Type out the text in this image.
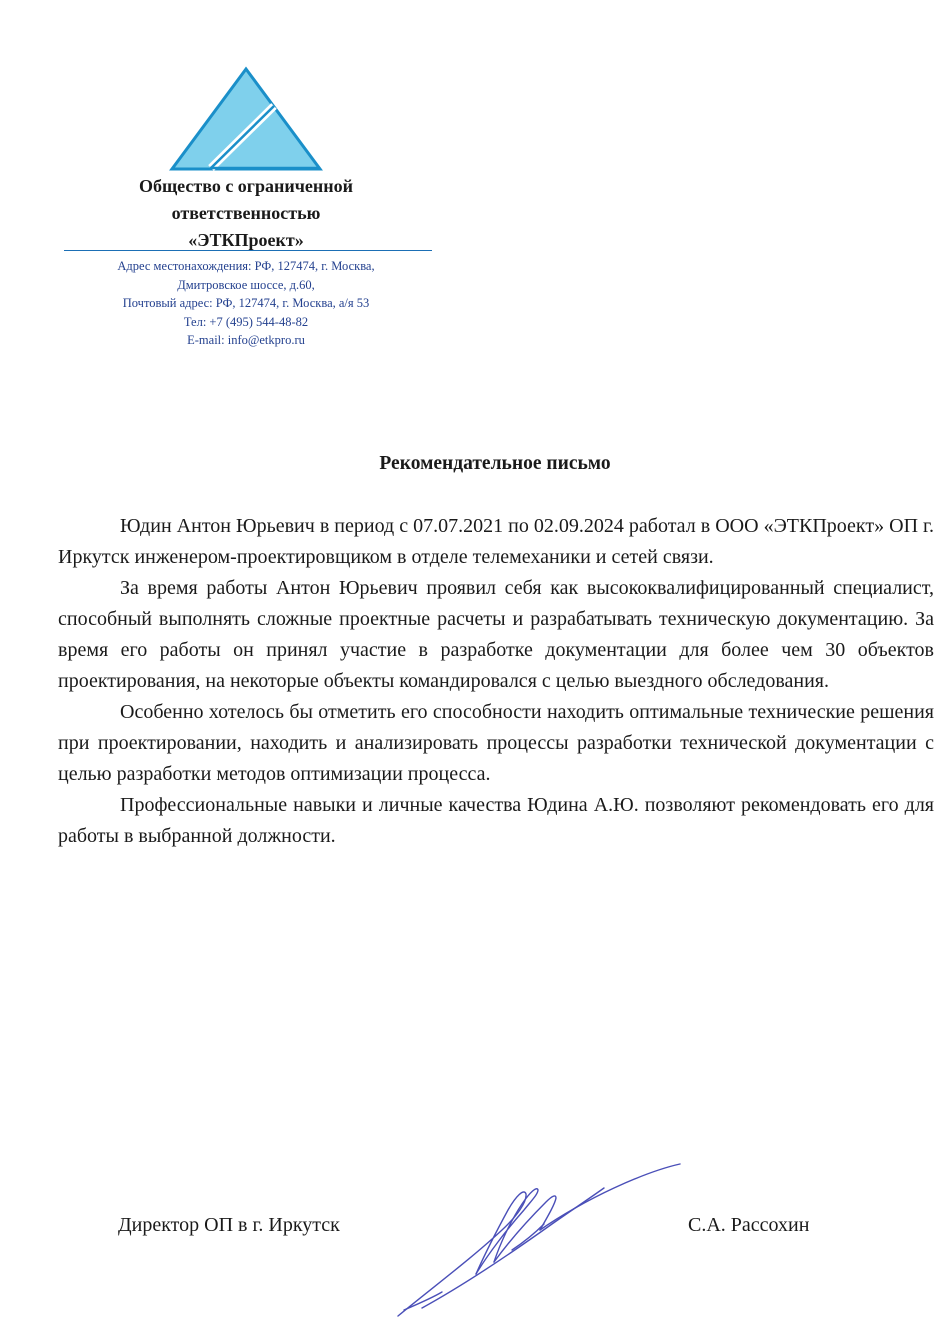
Общество с ограниченной
ответственностью
«ЭТКПроект»
Адрес местонахождения: РФ, 127474, г. Москва,
Дмитровское шоссе, д.60,
Почтовый адрес: РФ, 127474, г. Москва, а/я 53
Тел: +7 (495) 544-48-82
E-mail: info@etkpro.ru
Рекомендательное письмо

Юдин Антон Юрьевич в период с 07.07.2021 по 02.09.2024 работал в ООО «ЭТКПроект» ОП г. Иркутск инженером-проектировщиком в отделе телемеханики и сетей связи.

За время работы Антон Юрьевич проявил себя как высококвалифицированный специалист, способный выполнять сложные проектные расчеты и разрабатывать техническую документацию. За время его работы он принял участие в разработке документации для более чем 30 объектов проектирования, на некоторые объекты командировался с целью выездного обследования.

Особенно хотелось бы отметить его способности находить оптимальные технические решения при проектировании, находить и анализировать процессы разработки технической документации с целью разработки методов оптимизации процесса.

Профессиональные навыки и личные качества Юдина А.Ю. позволяют рекомендовать его для работы в выбранной должности.

Директор ОП в г. Иркутск	С.А. Рассохин
